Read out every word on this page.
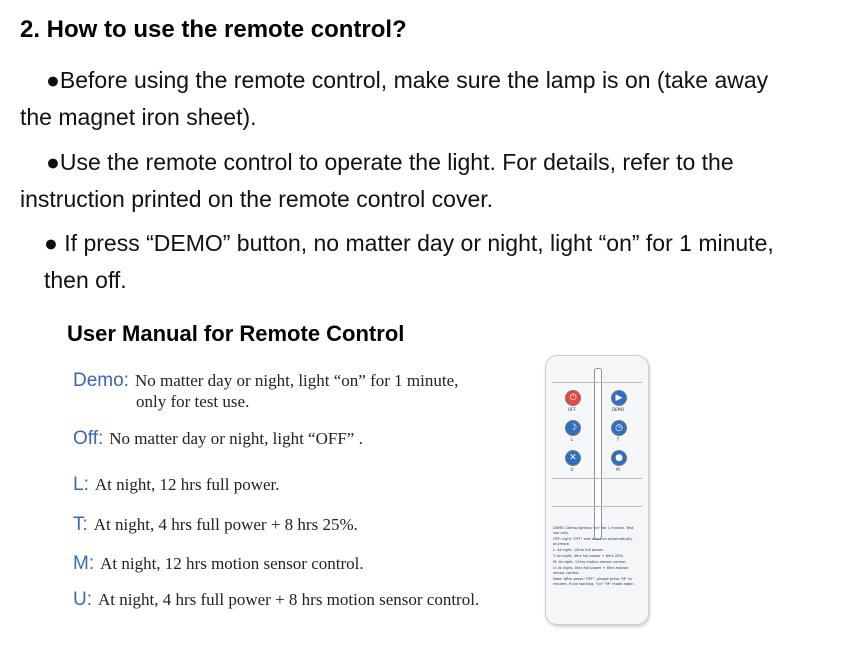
2. How to use the remote control?
●Before using the remote control, make sure the lamp is on (take away
the magnet iron sheet).
●Use the remote control to operate the light. For details, refer to the
instruction printed on the remote control cover.
● If press “DEMO” button, no matter day or night, light “on” for 1 minute,
then off.
User Manual for Remote Control
Demo: No matter day or night, light “on” for 1 minute,
only for test use.
Off: No matter day or night, light “OFF” .
L: At night, 12 hrs full power.
T: At night, 4 hrs full power + 8 hrs 25%.
M: At night, 12 hrs motion sensor control.
U: At night, 4 hrs full power + 8 hrs motion sensor control.
⏻
OFF
▶
DEMO
☽
L
◷
T
✕
U
●
M
DEMO: Demo lighting "on" for 1 minute. Test use only.
OFF: Light "OFF" and won't on automatically anymore.
L: At night, 12hrs full power.
T: At night, 4hrs full power + 8hrs 25%.
M: At night, 12hrs motion sensor control.
U: At night, 4hrs full power + 8hrs motion sensor control.
Note: After press "OFF", please press "M" to resume, if not working, "on" "M" mode again.
